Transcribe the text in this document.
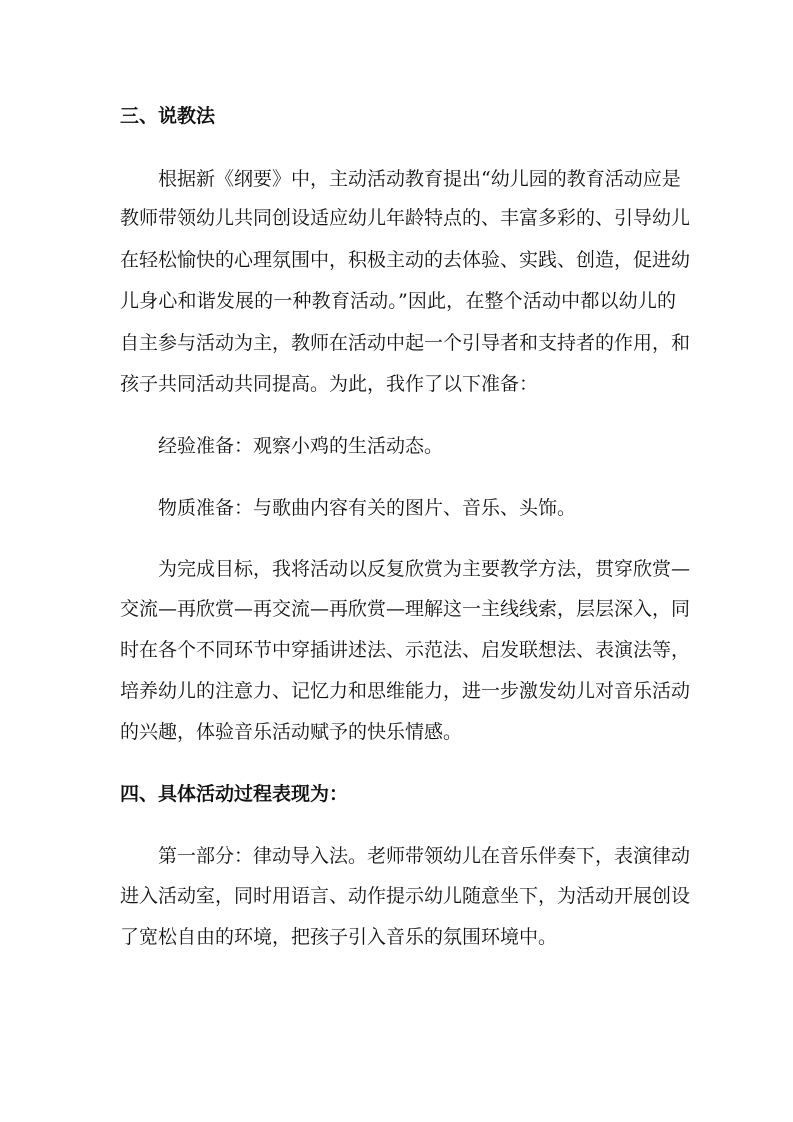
三、说教法
根据新《纲要》中，主动活动教育提出“幼儿园的教育活动应是
教师带领幼儿共同创设适应幼儿年龄特点的、丰富多彩的、引导幼儿
在轻松愉快的心理氛围中，积极主动的去体验、实践、创造，促进幼
儿身心和谐发展的一种教育活动。”因此，在整个活动中都以幼儿的
自主参与活动为主，教师在活动中起一个引导者和支持者的作用，和
孩子共同活动共同提高。为此，我作了以下准备：
经验准备：观察小鸡的生活动态。
物质准备：与歌曲内容有关的图片、音乐、头饰。
为完成目标，我将活动以反复欣赏为主要教学方法，贯穿欣赏—
交流—再欣赏—再交流—再欣赏—理解这一主线线索，层层深入，同
时在各个不同环节中穿插讲述法、示范法、启发联想法、表演法等，
培养幼儿的注意力、记忆力和思维能力，进一步激发幼儿对音乐活动
的兴趣，体验音乐活动赋予的快乐情感。
四、具体活动过程表现为：
第一部分：律动导入法。老师带领幼儿在音乐伴奏下，表演律动
进入活动室，同时用语言、动作提示幼儿随意坐下，为活动开展创设
了宽松自由的环境，把孩子引入音乐的氛围环境中。
